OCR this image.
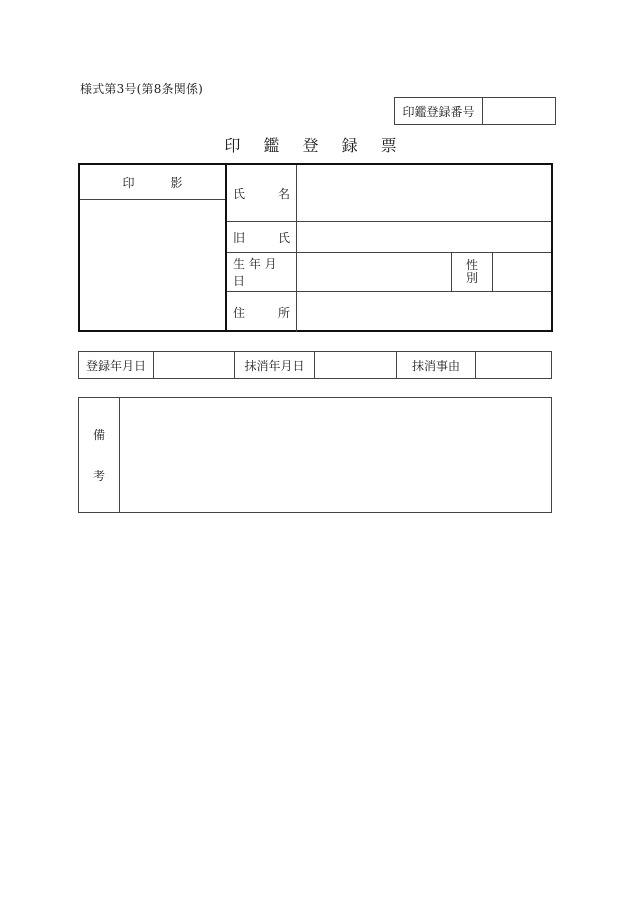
様式第3号(第8条関係)
印鑑登録番号
印 鑑 登 録 票
印 影
氏	名
旧	氏
生 年 月 日
性
別
住	所
登録年月日	抹消年月日	抹消事由
備
考
